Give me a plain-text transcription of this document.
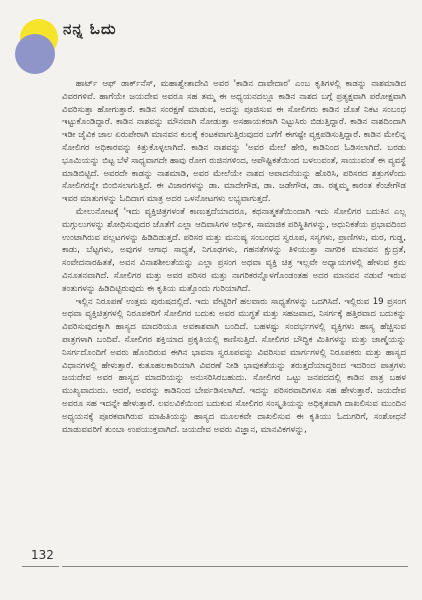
ನನ್ನ ಓದು

ಹಾರ್ಟ್ ಆಫ್ ಡಾರ್ಕ್‌ನೆಸ್, ಮಹಾಶ್ವೇತಾದೇವಿ ಅವರ 'ಕಾಡಿನ ದಾವೇದಾರ' ಎಂಬ ಕೃತಿಗಳಲ್ಲಿ ಕಾಡನ್ನು ನಾಶಮಾಡಿದ ವಿವರಗಳಿವೆ. ಹಾಗೆಯೇ ಜಯದೇವ ಅವರೂ ಸಹ ತಮ್ಮ ಈ ಅಧ್ಯಯನದಲ್ಲೂ ಕಾಡಿನ ನಾಶದ ಬಗ್ಗೆ ಪ್ರತ್ಯಕ್ಷವಾಗಿ ಪರೋಕ್ಷವಾಗಿ ವಿವರಿಸುತ್ತಾ ಹೋಗುತ್ತಾರೆ. ಕಾಡಿನ ಸಂರಕ್ಷಣೆ ಮಾಡುವ, ಅದನ್ನು ಪೂಜಿಸುವ ಈ ಸೋಲಿಗರು ಕಾಡಿನ ಜೊತೆ ನಿಕಟ ಸಂಬಂಧ ಇಟ್ಟುಕೊಂಡಿದ್ದಾರೆ. ಕಾಡಿನ ನಾಶವನ್ನು ಮೌನವಾಗಿ ನೋಡುತ್ತಾ ಅಸಹಾಯಕರಾಗಿ ನಿಟ್ಟುಸಿರು ಬಿಡುತ್ತಿದ್ದಾರೆ. ಕಾಡಿನ ನಾಶದಿಂದಾಗಿ ಇಡೀ ಜೈವಿಕ ಜಾಲ ಏರುಪೇರಾಗಿ ಮಾನವನ ಕುಲಕ್ಕೆ ಕಂಟಕವಾಗುತ್ತಿರುವುದರ ಬಗೆಗೆ ಈಗಷ್ಟೇ ವ್ಯಕ್ತಪಡಿಸುತ್ತಿದ್ದಾರೆ. ಕಾಡಿನ ಮೇಲಿನ್ನ ಸೋಲಿಗರ ಅಧಿಕಾರವನ್ನು ಕಿತ್ತುಕೊಳ್ಳಲಾಗಿದೆ. ಕಾಡಿನ ನಾಶವನ್ನು 'ಅವರ ಮೇಲೆ ಹೇರಿ, ಕಾಡಿನಿಂದ ಓಡಿಸಲಾಗಿದೆ. ಬರಡು ಭೂಮಿಯನ್ನು ಬಿಟ್ಟ ಬೆಳೆ ಸಾಧ್ಯವಾಗದೇ ಹಾವು ರೋಗ ರುಜಿನಗಳಿಂದ, ಆಪೌಷ್ಟಿಕತೆಯಿಂದ ಬಳಲುವಂತೆ, ಸಾಯುವಂತೆ ಈ ವ್ಯವಸ್ಥೆ ಮಾಡಿಬಿಟ್ಟಿದೆ. ಅವರದೇ ಕಾಡನ್ನು ನಾಶಮಾಡಿ, ಅವರ ಮೇಲೆಯೇ ನಾಶದ ಆಪಾದನೆಯನ್ನು ಹೊರಿಸಿ, ಪರಿಸರದ ಶತ್ರುಗಳೆಂದು ಸೋಲಿಗರನ್ನೇ ಬಿಂಬಿಸಲಾಗುತ್ತಿದೆ. ಈ ವಿಚಾರಗಳನ್ನು ಡಾ. ಮಾದೇಗೌಡ, ಡಾ. ಜಡೇಗೌಡ, ಡಾ. ರತ್ನಮ್ಮ ಕಾರಂತ ಕೆಂಚೇಗೌಡ ಇವರ ಮಾತುಗಳನ್ನು ಓದಿದಾಗ ಮಾತ್ರ ಅದರ ಒಳನೋಟಗಳು ಲಭ್ಯವಾಗುತ್ತದೆ.

ಮೇಲುನೋಟಕ್ಕೆ 'ಇದು ವ್ಯಕ್ತಿಚಿತ್ರಗಳಂತೆ ಕಾಣುತ್ತದೆಯಾದರೂ, ಕಥನಾತ್ಮಕತೆಯಿಂದಾಗಿ ಇದು ಸೋಲಿಗರ ಬದುಕಿನ ಎಲ್ಲ ಮಗ್ಗುಲುಗಳನ್ನು ಶೋಧಿಸುವುದರ ಜೊತೆಗೆ ಎಲ್ಲಾ ಆದಿವಾಸಿಗಳ ಆರ್ಥಿಕ, ಸಾಮಾಜಿಕ ಪರಿಸ್ಥಿತಿಗಳನ್ನು, ಆಧುನಿಕತೆಯ ಪ್ರಭಾವದಿಂದ ಉಂಟಾಗಿರುವ ಪಲ್ಲಟಗಳನ್ನು ಹಿಡಿದಿಡುತ್ತದೆ. ಪರಿಸರ ಮತ್ತು ಮನುಷ್ಯ ಸಂಬಂಧದ ಸ್ವರೂಪ, ಸಸ್ಯಗಳು, ಪ್ರಾಣಿಗಳು, ಮರ, ಗುಡ್ಡ, ಕಾಡು, ಬೆಟ್ಟಗಳು, ಅವುಗಳ ಆಗಾಧ ಸಾಧ್ಯತೆ, ನಿಗೂಢಗಳು, ಗಹನತೆಗಳನ್ನು ತಿಳಿಯುತ್ತಾ ನಾಗರಿಕ ಮಾನವನ ಕ್ಷುದ್ರತೆ, ಸಂವೇದನಾರಹಿತತೆ, ಅವನ ವಿನಾಶಶೀಲತೆಯನ್ನು ಎಲ್ಲಾ ಪ್ರಸಂಗ ಅಥವಾ ವ್ಯಕ್ತಿ ಚಿತ್ರ ಇಲ್ಲವೇ ಅಧ್ಯಾಯಗಳಲ್ಲಿ ಹೇಳುವ ಕ್ರಮ ವಿನೂತನವಾಗಿದೆ. ಸೋಲಿಗರ ಮತ್ತು ಅವರ ಪರಿಸರ ಮತ್ತು ನಾಗರಿಕರನ್ನೊಳಗೊಂಡಂತಹ ಅದರ ಮಾನವನ ನಡುವೆ ಇರುವ ತಂತುಗಳನ್ನು ಹಿಡಿದಿಟ್ಟಿರುವುದು ಈ ಕೃತಿಯ ಮತ್ತೊಂದು ಗುರಿಯಾಗಿದೆ.

ಇಲ್ಲಿನ ನಿರೂಪಣೆ ಉತ್ತಮ ಪುರುಷದಲ್ಲಿದೆ. ಇದು ವೇಟ್ಟಿರಿಗೆ ಹಲವಾರು ಸಾಧ್ಯತೆಗಳನ್ನು ಒದಗಿಸಿದೆ. ಇಲ್ಲಿರುವ 19 ಪ್ರಸಂಗ ಅಥವಾ ವ್ಯಕ್ತಿಚಿತ್ರಗಳಲ್ಲಿ ನಿರೂಪಕರಿಗೆ ಸೋಲಿಗರ ಬದುಕು ಅವರ ಮುಗ್ಧತೆ ಮತ್ತು ಸಹಜವಾದ, ನಿಸರ್ಗಕ್ಕೆ ಹತ್ತಿರವಾದ ಬದುಕನ್ನು ವಿವರಿಸುವುದಕ್ಕಾಗಿ ಹಾಸ್ಯದ ಮಾದರಿಯೂ ಅವಕಾಶವಾಗಿ ಬಂದಿದೆ. ಬಹಳಷ್ಟು ಸಂದರ್ಭಗಳಲ್ಲಿ ವ್ಯಕ್ತಿಗಳು ಹಾಸ್ಯ ಹೆಚ್ಚಿಸುವ ಪಾತ್ರಗಳಾಗಿ ಬಂದಿವೆ. ಸೋಲಿಗರ ಶಕ್ತಿಯಾದ ಪ್ರಕೃತಿಯಲ್ಲಿ ಕಾಣಿಸುತ್ತಿದೆ. ಸೋಲಿಗರ ಬೌದ್ಧಿಕ ಮಿತಿಗಳನ್ನು ಮತ್ತು ಜಾಣ್ಮೆಯನ್ನು ನಿಸರ್ಗದೊಂದಿಗೆ ಅವರು ಹೊಂದಿರುವ ಈಗಿನ ಭಾವನಾ ಸ್ವರೂಪವನ್ನು ವಿವರಿಸುವ ಮಾರ್ಗಗಳಲ್ಲಿ ನಿರೂಪಕರು ಮತ್ತು ಹಾಸ್ಯದ ವಿಧಾನಗಳಲ್ಲಿ ಹೇಳುತ್ತಾರೆ. ಕುತೂಹಲಕಾರಿಯಾಗಿ ವಿವರಣೆ ನೀಡಿ ಭಾವುಕತೆಯನ್ನು ತರುತ್ತದೆಯಾದ್ದರಿಂದ ಇದರಿಂದ ಪಾತ್ರಗಳು ಜಯದೇವ ಅವರ ಹಾಸ್ಯದ ಮಾದರಿಯನ್ನು ಅನುಸರಿಸಿರಬಹುದು. ಸೋಲಿಗರ ಒಟ್ಟು ಜನಪದದಲ್ಲಿ ಕಾಡಿನ ಪಾತ್ರ ಬಹಳ ಮುಖ್ಯವಾದುದು. ಆದರೆ, ಅವರನ್ನು ಕಾಡಿನಿಂದ ಬೇರ್ಪಡಿಸಲಾಗಿದೆ. ಇದನ್ನು ಪರಿಸರವಾದಿಗಳೂ ಸಹ ಹೇಳುತ್ತಾರೆ. ಜಯದೇವ ಅವರೂ ಸಹ ಇದನ್ನೇ ಹೇಳುತ್ತಾರೆ. ಲವಲವಿಕೆಯಿಂದ ಬದುಕುವ ಸೋಲಿಗರ ಸಂಸ್ಕೃತಿಯನ್ನು ಅಧಿಕೃತವಾಗಿ ದಾಖಲಿಸುವ ಮುಂದಿನ ಅಧ್ಯಯನಕ್ಕೆ ಪೂರಕವಾಗಿರುವ ಮಾಹಿತಿಯನ್ನು ಹಾಸ್ಯದ ಮೂಲಕವೇ ದಾಖಲಿಸುವ ಈ ಕೃತಿಯು ಓದುಗರಿಗೆ, ಸಂಶೋಧನೆ ಮಾಡುವವರಿಗೆ ತುಂಬಾ ಉಪಯುಕ್ತವಾಗಿದೆ. ಜಯದೇವ ಅವರು ವಿಜ್ಞಾನ, ಮಾನವಿಕಗಳನ್ನು,

132
